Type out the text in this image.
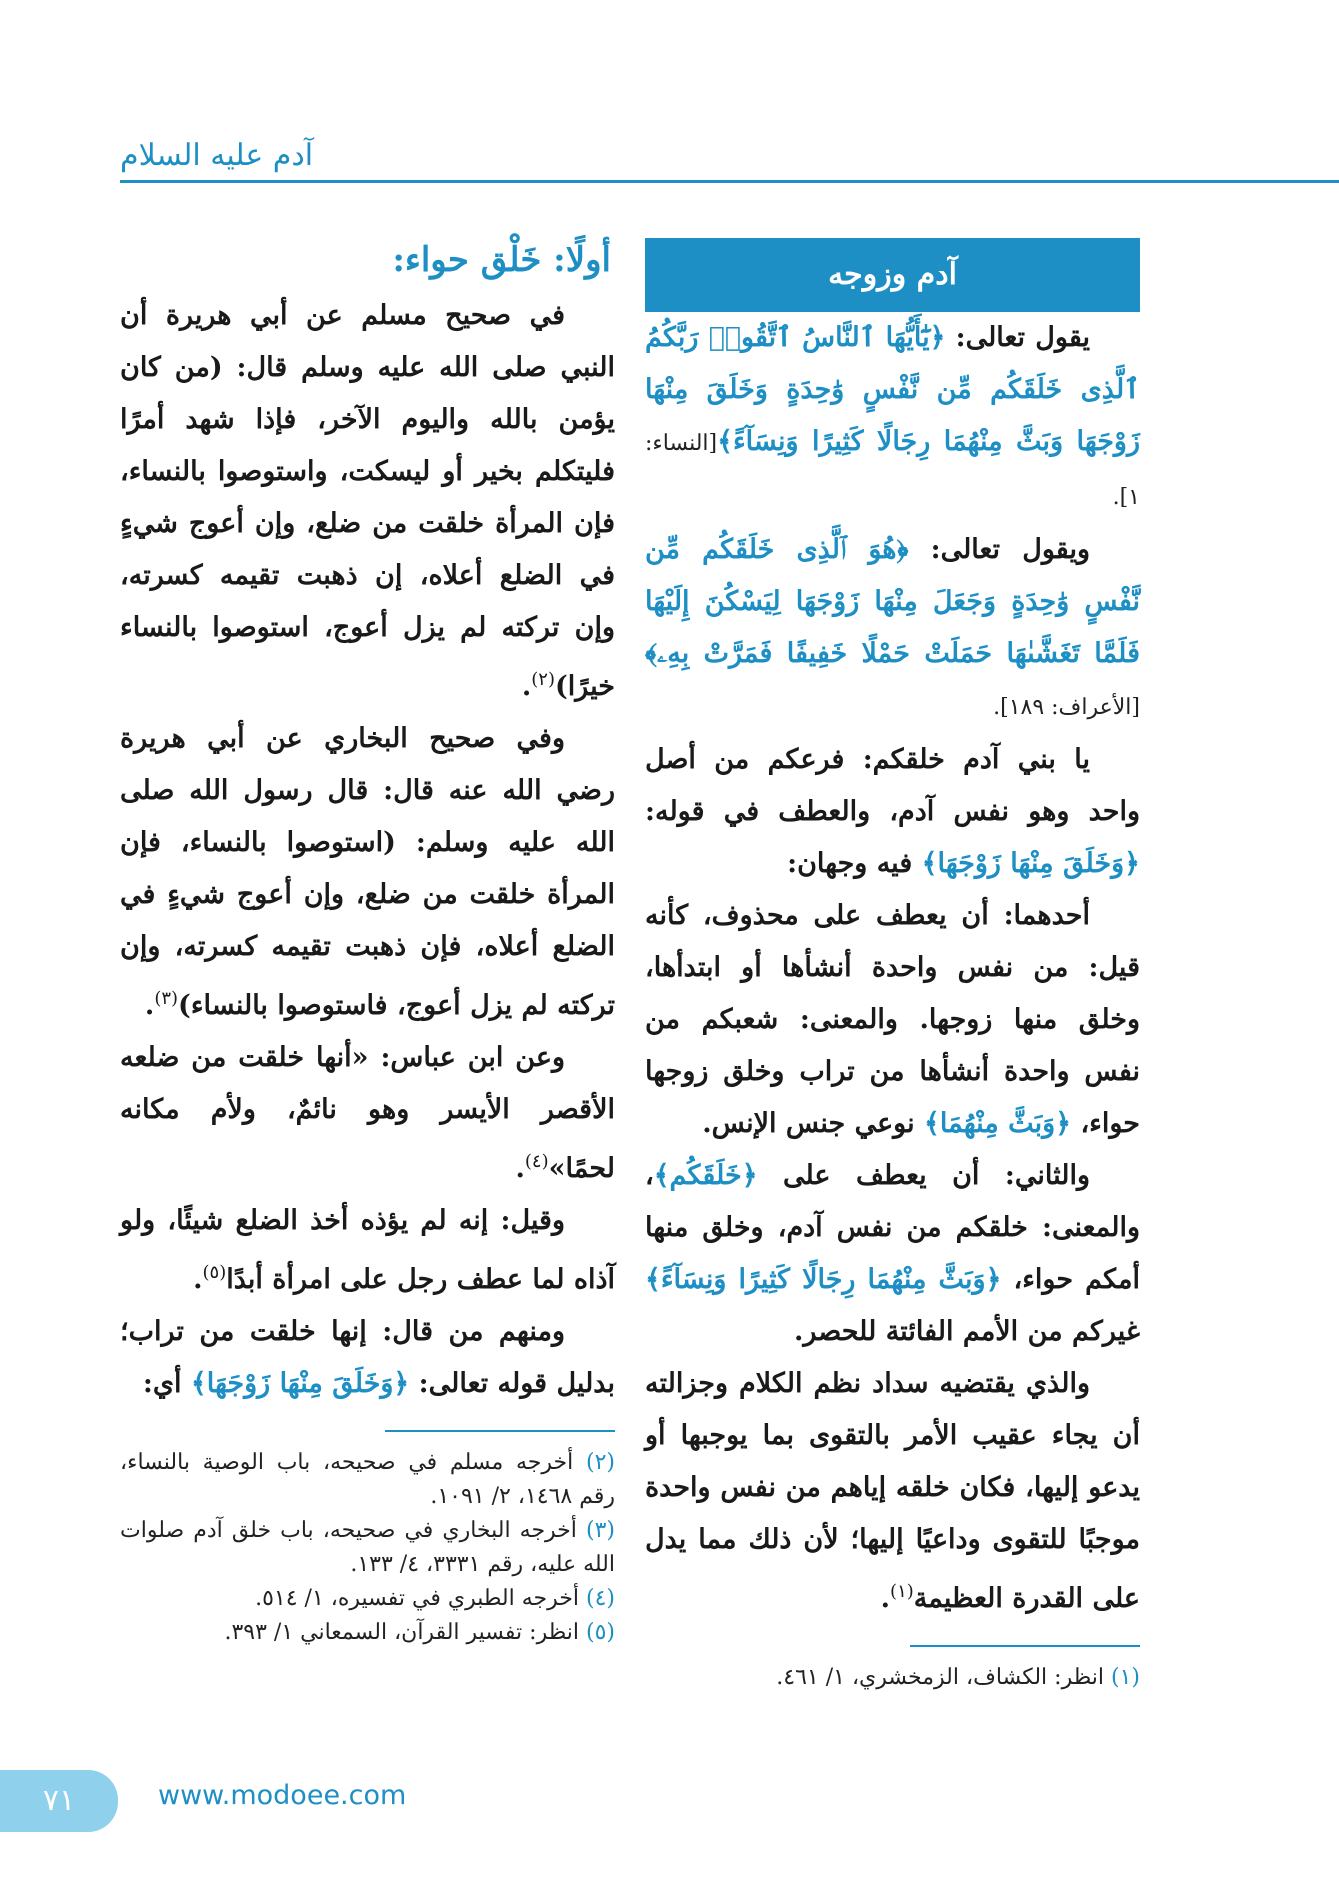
آدم عليه السلام
آدم وزوجه

يقول تعالى: ﴿يَٰٓأَيُّهَا ٱلنَّاسُ ٱتَّقُوا۟ رَبَّكُمُ ٱلَّذِى خَلَقَكُم مِّن نَّفْسٍ وَٰحِدَةٍ وَخَلَقَ مِنْهَا زَوْجَهَا وَبَثَّ مِنْهُمَا رِجَالًا كَثِيرًا وَنِسَآءً﴾[النساء: ١].

ويقول تعالى: ﴿هُوَ ٱلَّذِى خَلَقَكُم مِّن نَّفْسٍ وَٰحِدَةٍ وَجَعَلَ مِنْهَا زَوْجَهَا لِيَسْكُنَ إِلَيْهَا فَلَمَّا تَغَشَّىٰهَا حَمَلَتْ حَمْلًا خَفِيفًا فَمَرَّتْ بِهِۦ﴾[الأعراف: ١٨٩].

يا بني آدم خلقكم: فرعكم من أصل واحد وهو نفس آدم، والعطف في قوله: ﴿وَخَلَقَ مِنْهَا زَوْجَهَا﴾ فيه وجهان:

أحدهما: أن يعطف على محذوف، كأنه قيل: من نفس واحدة أنشأها أو ابتدأها، وخلق منها زوجها. والمعنى: شعبكم من نفس واحدة أنشأها من تراب وخلق زوجها حواء، ﴿وَبَثَّ مِنْهُمَا﴾ نوعي جنس الإنس.

والثاني: أن يعطف على ﴿خَلَقَكُم﴾، والمعنى: خلقكم من نفس آدم، وخلق منها أمكم حواء، ﴿وَبَثَّ مِنْهُمَا رِجَالًا كَثِيرًا وَنِسَآءً﴾ غيركم من الأمم الفائتة للحصر.

والذي يقتضيه سداد نظم الكلام وجزالته أن يجاء عقيب الأمر بالتقوى بما يوجبها أو يدعو إليها، فكان خلقه إياهم من نفس واحدة موجبًا للتقوى وداعيًا إليها؛ لأن ذلك مما يدل على القدرة العظيمة$^{(١)}$.

(١) انظر: الكشاف، الزمخشري، ١/ ٤٦١.

أولًا: خَلْق حواء:

في صحيح مسلم عن أبي هريرة أن النبي صلى الله عليه وسلم قال: (من كان يؤمن بالله واليوم الآخر، فإذا شهد أمرًا فليتكلم بخير أو ليسكت، واستوصوا بالنساء، فإن المرأة خلقت من ضلع، وإن أعوج شيءٍ في الضلع أعلاه، إن ذهبت تقيمه كسرته، وإن تركته لم يزل أعوج، استوصوا بالنساء خيرًا)$^{(٢)}$.

وفي صحيح البخاري عن أبي هريرة رضي الله عنه قال: قال رسول الله صلى الله عليه وسلم: (استوصوا بالنساء، فإن المرأة خلقت من ضلع، وإن أعوج شيءٍ في الضلع أعلاه، فإن ذهبت تقيمه كسرته، وإن تركته لم يزل أعوج، فاستوصوا بالنساء)$^{(٣)}$.

وعن ابن عباس: «أنها خلقت من ضلعه الأقصر الأيسر وهو نائمٌ، ولأم مكانه لحمًا»$^{(٤)}$.

وقيل: إنه لم يؤذه أخذ الضلع شيئًا، ولو آذاه لما عطف رجل على امرأة أبدًا$^{(٥)}$.

ومنهم من قال: إنها خلقت من تراب؛ بدليل قوله تعالى: ﴿وَخَلَقَ مِنْهَا زَوْجَهَا﴾ أي:

(٢) أخرجه مسلم في صحيحه، باب الوصية بالنساء، رقم ١٤٦٨، ٢/ ١٠٩١.

(٣) أخرجه البخاري في صحيحه، باب خلق آدم صلوات الله عليه، رقم ٣٣٣١، ٤/ ١٣٣.

(٤) أخرجه الطبري في تفسيره، ١/ ٥١٤.

(٥) انظر: تفسير القرآن، السمعاني ١/ ٣٩٣.

٧١	www.modoee.com
